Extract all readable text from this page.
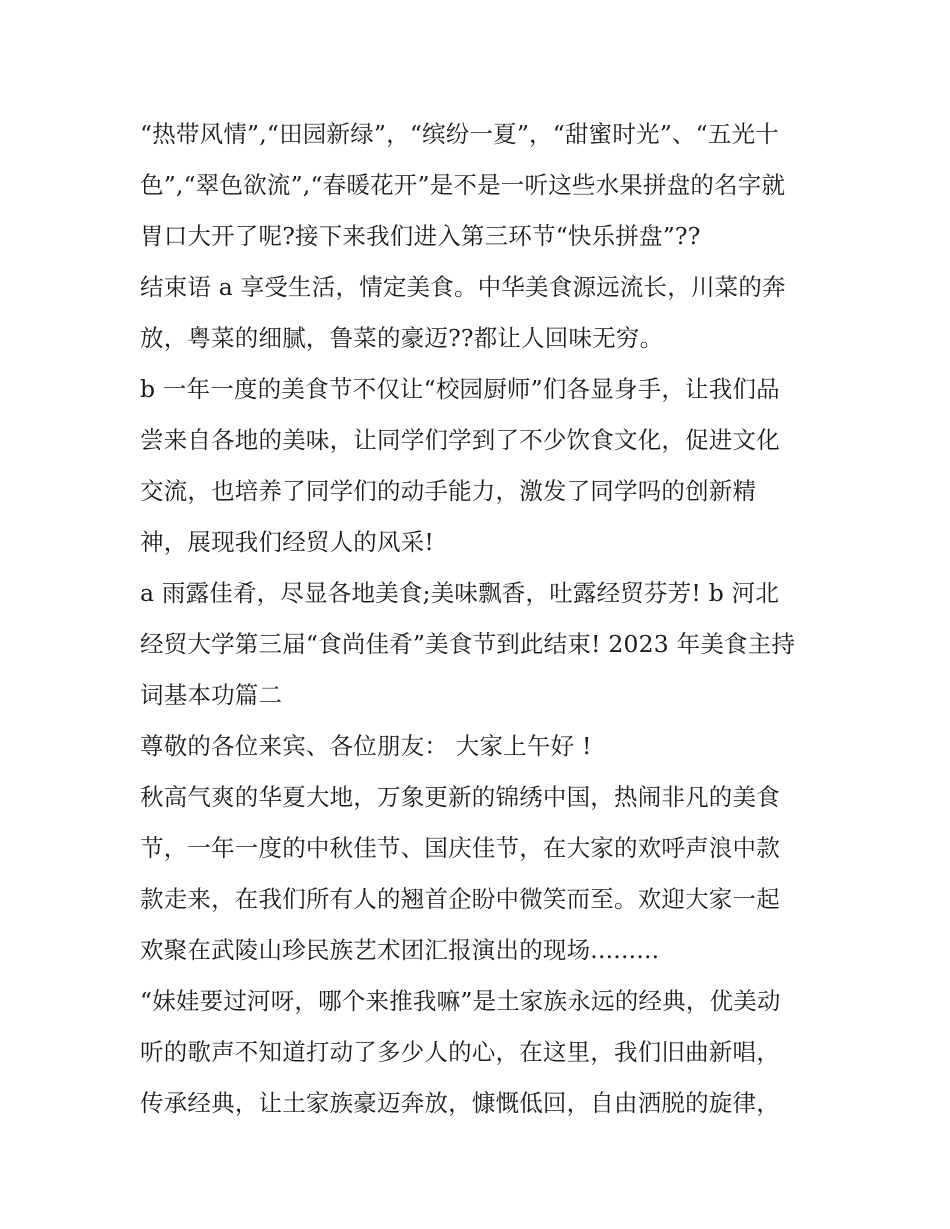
“热带风情”,“田园新绿”，“缤纷一夏”，“甜蜜时光”、“五光十
色”,“翠色欲流”,“春暖花开”是不是一听这些水果拼盘的名字就
胃口大开了呢?接下来我们进入第三环节“快乐拼盘”??
结束语 a 享受生活，情定美食。中华美食源远流长，川菜的奔
放，粤菜的细腻，鲁菜的豪迈??都让人回味无穷。
b 一年一度的美食节不仅让“校园厨师”们各显身手，让我们品
尝来自各地的美味，让同学们学到了不少饮食文化，促进文化
交流，也培养了同学们的动手能力，激发了同学吗的创新精
神，展现我们经贸人的风采!
a 雨露佳肴，尽显各地美食;美味飘香，吐露经贸芬芳! b 河北
经贸大学第三届“食尚佳肴”美食节到此结束! 2023 年美食主持
词基本功篇二
尊敬的各位来宾、各位朋友： 大家上午好 !
秋高气爽的华夏大地，万象更新的锦绣中国，热闹非凡的美食
节，一年一度的中秋佳节、国庆佳节，在大家的欢呼声浪中款
款走来，在我们所有人的翘首企盼中微笑而至。欢迎大家一起
欢聚在武陵山珍民族艺术团汇报演出的现场.........
“妹娃要过河呀，哪个来推我嘛”是土家族永远的经典，优美动
听的歌声不知道打动了多少人的心，在这里，我们旧曲新唱，
传承经典，让土家族豪迈奔放，慷慨低回，自由洒脱的旋律，
